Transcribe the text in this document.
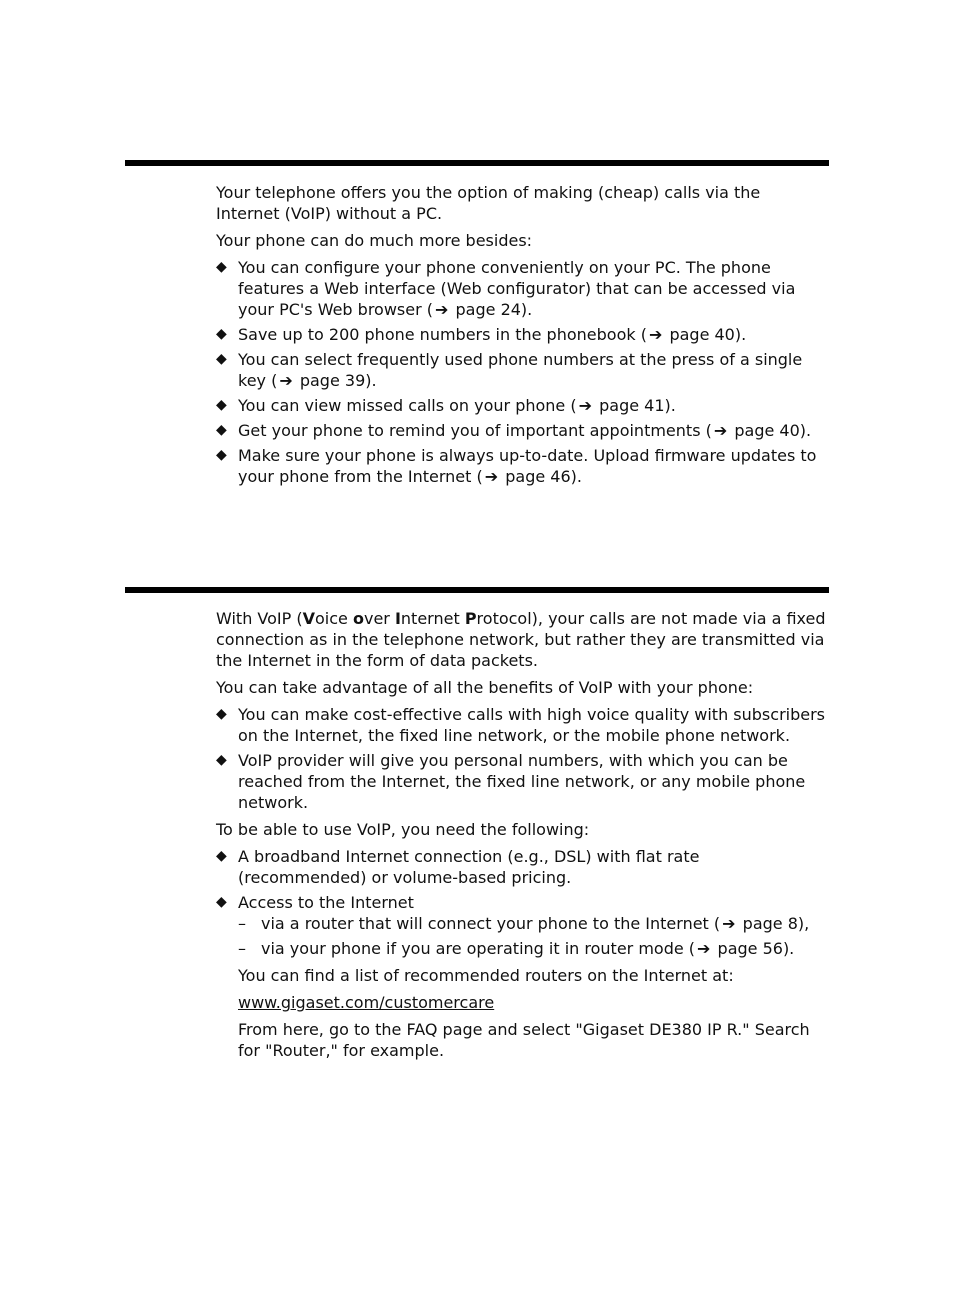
Your telephone offers you the option of making (cheap) calls via the Internet (VoIP) without a PC.

Your phone can do much more besides:

◆ You can configure your phone conveniently on your PC. The phone features a Web interface (Web configurator) that can be accessed via your PC's Web browser ( ➔ page 24).
◆ Save up to 200 phone numbers in the phonebook ( ➔ page 40).
◆ You can select frequently used phone numbers at the press of a single key ( ➔ page 39).
◆ You can view missed calls on your phone ( ➔ page 41).
◆ Get your phone to remind you of important appointments ( ➔ page 40).
◆ Make sure your phone is always up-to-date. Upload firmware updates to your phone from the Internet ( ➔ page 46).

With VoIP (Voice over Internet Protocol), your calls are not made via a fixed connection as in the telephone network, but rather they are transmitted via the Internet in the form of data packets.

You can take advantage of all the benefits of VoIP with your phone:

◆ You can make cost-effective calls with high voice quality with subscribers on the Internet, the fixed line network, or the mobile phone network.
◆ VoIP provider will give you personal numbers, with which you can be reached from the Internet, the fixed line network, or any mobile phone network.

To be able to use VoIP, you need the following:

◆ A broadband Internet connection (e.g., DSL) with flat rate (recommended) or volume-based pricing.
◆ Access to the Internet
– via a router that will connect your phone to the Internet ( ➔ page 8),
– via your phone if you are operating it in router mode ( ➔ page 56).

You can find a list of recommended routers on the Internet at:

www.gigaset.com/customercare

From here, go to the FAQ page and select "Gigaset DE380 IP R." Search for "Router," for example.
